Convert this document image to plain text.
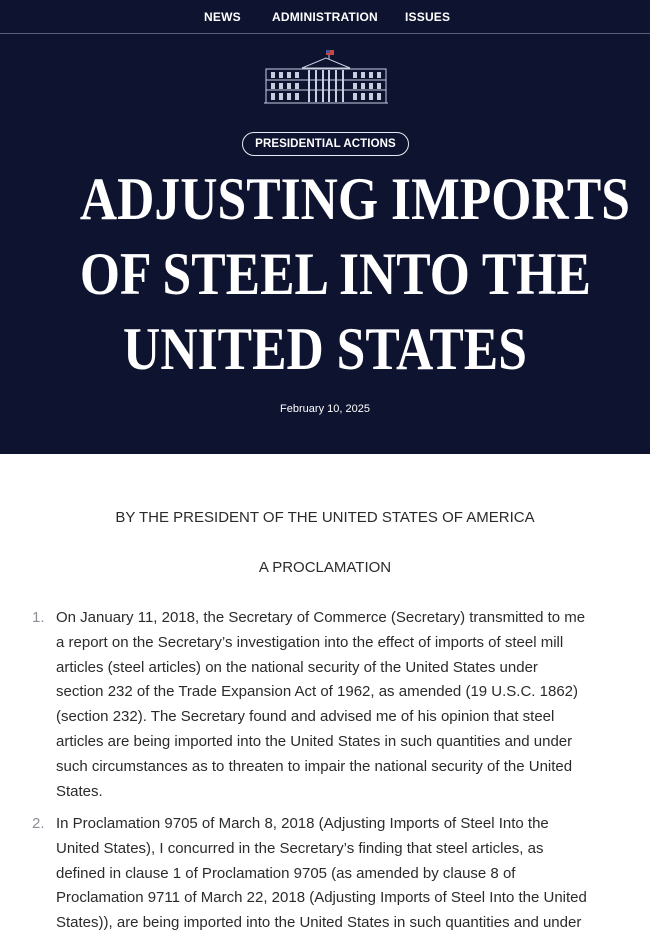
NEWS	ADMINISTRATION ISSUES
PRESIDENTIAL ACTIONS
ADJUSTING IMPORTS
OF STEEL INTO THE
UNITED STATES
February 10, 2025

BY THE PRESIDENT OF THE UNITED STATES OF AMERICA

A PROCLAMATION

1. On January 11, 2018, the Secretary of Commerce (Secretary) transmitted to me
a report on the Secretary’s investigation into the effect of imports of steel mill
articles (steel articles) on the national security of the United States under
section 232 of the Trade Expansion Act of 1962, as amended (19 U.S.C. 1862)
(section 232). The Secretary found and advised me of his opinion that steel
articles are being imported into the United States in such quantities and under
such circumstances as to threaten to impair the national security of the United
States.
2. In Proclamation 9705 of March 8, 2018 (Adjusting Imports of Steel Into the
United States), I concurred in the Secretary’s finding that steel articles, as
defined in clause 1 of Proclamation 9705 (as amended by clause 8 of
Proclamation 9711 of March 22, 2018 (Adjusting Imports of Steel Into the United
States)), are being imported into the United States in such quantities and under
